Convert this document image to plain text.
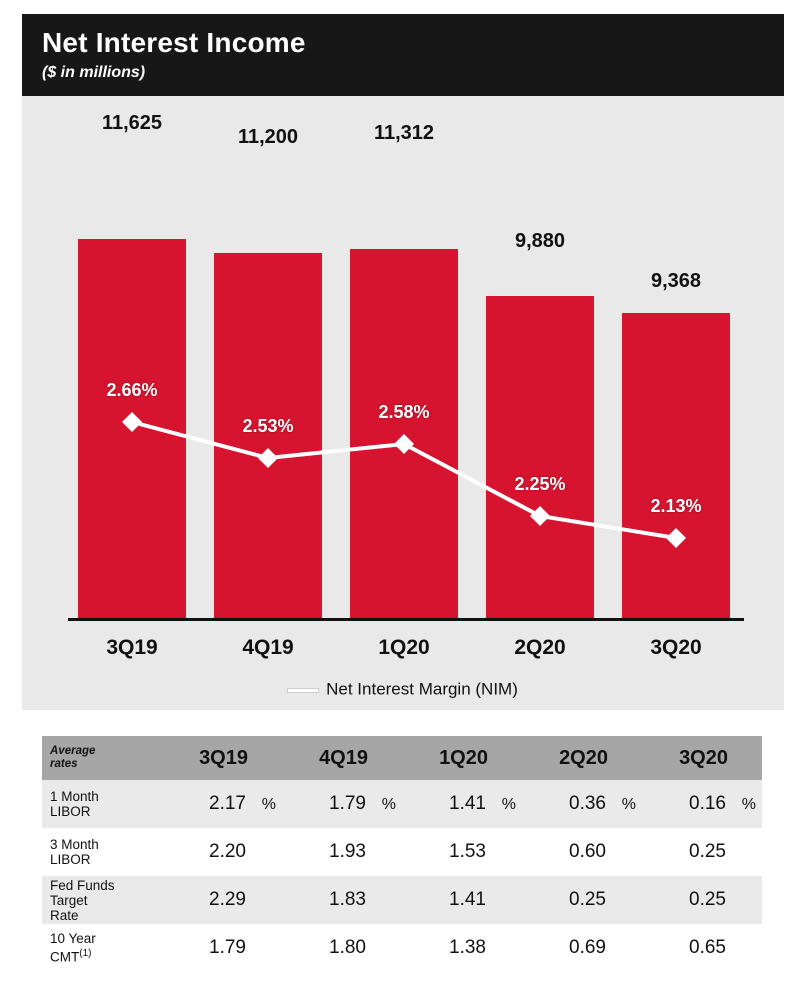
Net Interest Income
($ in millions)
11,625
11,200	11,312
9,880
9,368
2.66%
2.53%
2.58%
2.25%
2.13%
3Q19	4Q19	1Q20	2Q20	3Q20
Net Interest Margin (NIM)
Average
rates	3Q19	4Q19	1Q20	2Q20	3Q20

1 Month
LIBOR	2.17 %	1.79 %	1.41 %	0.36 %	0.16 %

3 Month
LIBOR	2.20	1.93	1.53	0.60	0.25

Fed Funds Target
Rate	2.29	1.83	1.41	0.25	0.25

10 Year
CMT$^{(1)}$	1.79	1.80	1.38	0.69	0.65
